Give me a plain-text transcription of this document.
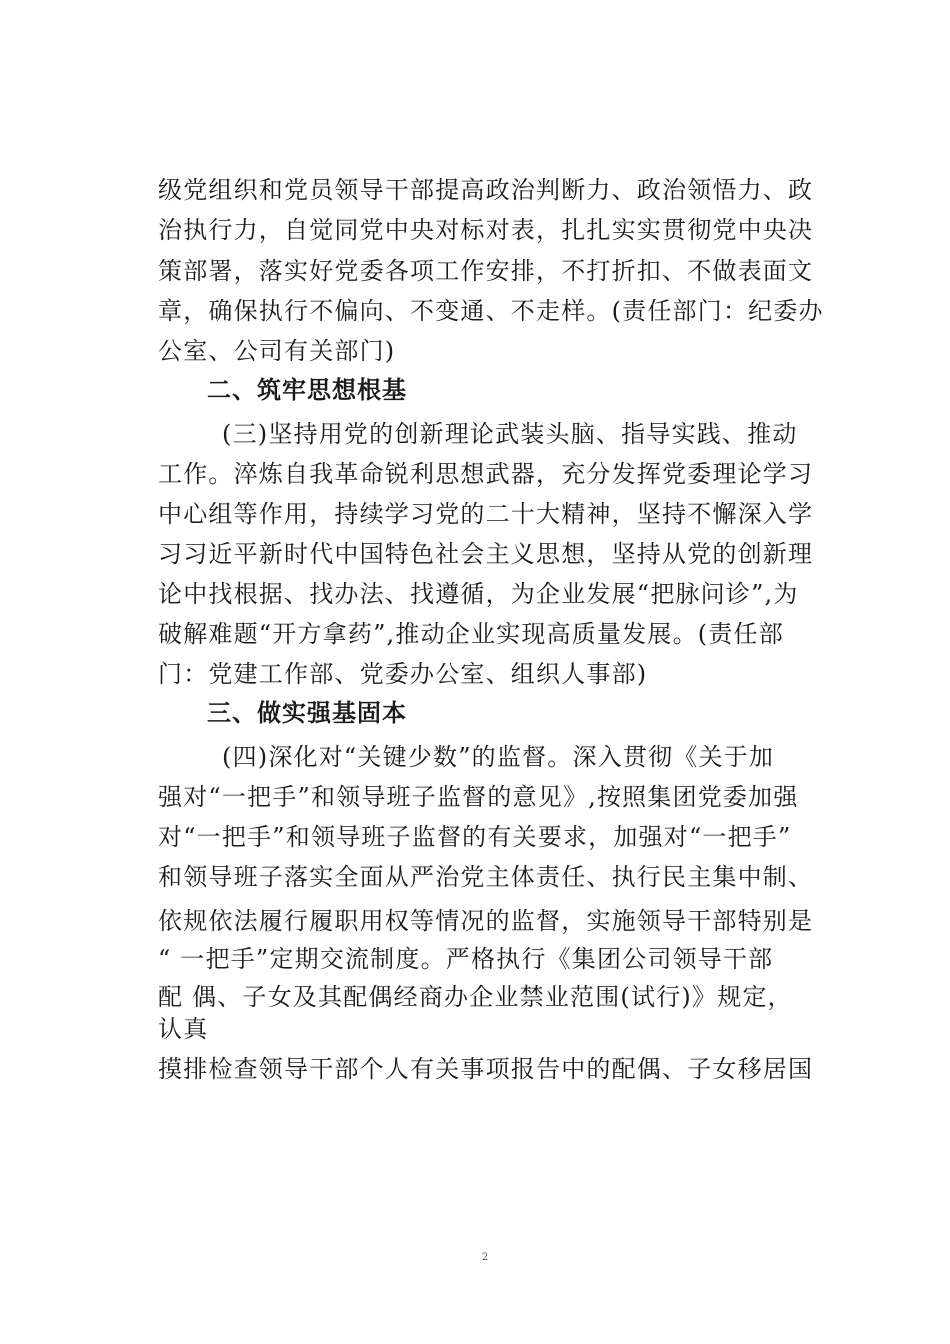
级党组织和党员领导干部提高政治判断力、政治领悟力、政
治执行力，自觉同党中央对标对表，扎扎实实贯彻党中央决
策部署，落实好党委各项工作安排，不打折扣、不做表面文
章，确保执行不偏向、不变通、不走样。(责任部门：纪委办
公室、公司有关部门)
二、筑牢思想根基
(三)坚持用党的创新理论武装头脑、指导实践、推动
工作。淬炼自我革命锐利思想武器，充分发挥党委理论学习
中心组等作用，持续学习党的二十大精神，坚持不懈深入学
习习近平新时代中国特色社会主义思想，坚持从党的创新理
论中找根据、找办法、找遵循，为企业发展“把脉问诊”,为
破解难题“开方拿药”,推动企业实现高质量发展。(责任部
门：党建工作部、党委办公室、组织人事部)
三、做实强基固本
(四)深化对“关键少数”的监督。深入贯彻《关于加
强对“一把手”和领导班子监督的意见》,按照集团党委加强
对“一把手”和领导班子监督的有关要求，加强对“一把手”
和领导班子落实全面从严治党主体责任、执行民主集中制、
依规依法履行履职用权等情况的监督，实施领导干部特别是
“ 一把手”定期交流制度。严格执行《集团公司领导干部
配 偶、子女及其配偶经商办企业禁业范围(试行)》规定，
认真
摸排检查领导干部个人有关事项报告中的配偶、子女移居国
2
